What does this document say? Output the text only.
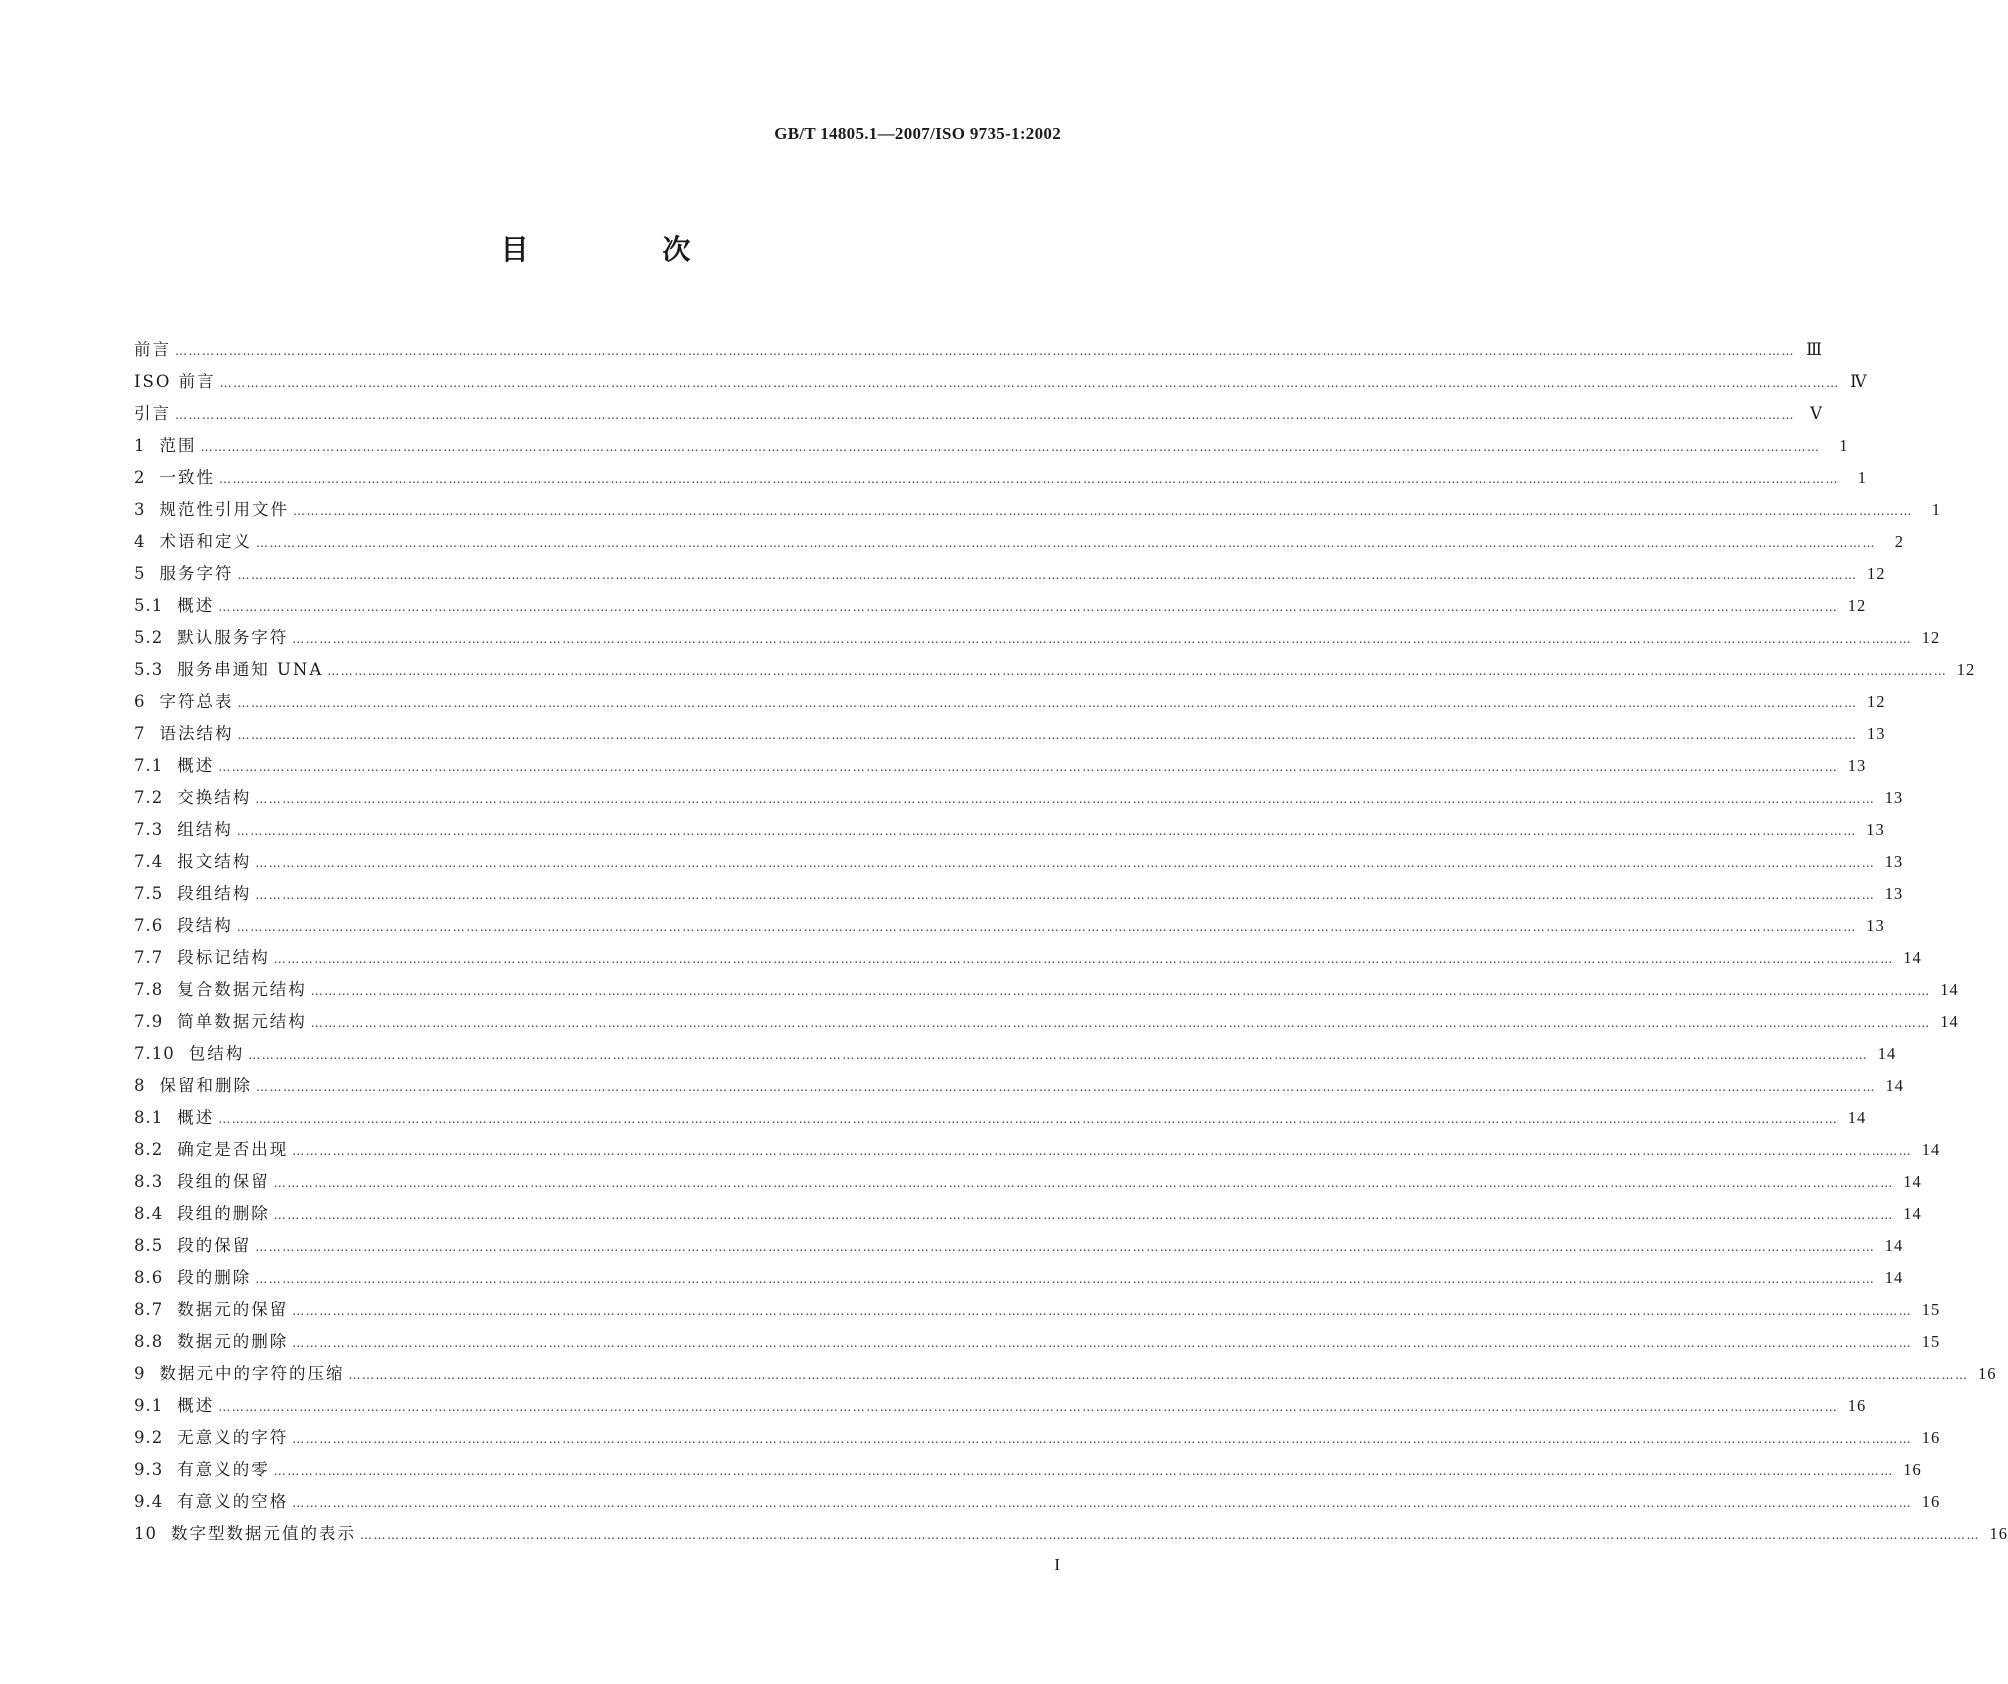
GB/T 14805.1—2007/ISO 9735-1:2002
目 次
前言 ……………………………………………………………………………………………………………………………………………………………………………………………………………………………………………………………………………………………………………………………… Ⅲ
ISO 前言 ……………………………………………………………………………………………………………………………………………………………………………………………………………………………………………………………………………………………………………………………… Ⅳ
引言 ……………………………………………………………………………………………………………………………………………………………………………………………………………………………………………………………………………………………………………………………… Ⅴ
1 范围 ………………………………………………………………………………………………………………………………………………………………………………………………………………………………………………………………………………………………………………………………	1
2 一致性 ………………………………………………………………………………………………………………………………………………………………………………………………………………………………………………………………………………………………………………………………	1
3 规范性引用文件 ………………………………………………………………………………………………………………………………………………………………………………………………………………………………………………………………………………………………………………………………	1
4 术语和定义 ………………………………………………………………………………………………………………………………………………………………………………………………………………………………………………………………………………………………………………………………	2
5 服务字符 ……………………………………………………………………………………………………………………………………………………………………………………………………………………………………………………………………………………………………………………………… 12
5.1 概述 ……………………………………………………………………………………………………………………………………………………………………………………………………………………………………………………………………………………………………………………………… 12
5.2 默认服务字符 ……………………………………………………………………………………………………………………………………………………………………………………………………………………………………………………………………………………………………………………………… 12
5.3 服务串通知 UNA ……………………………………………………………………………………………………………………………………………………………………………………………………………………………………………………………………………………………………………………………… 12
6 字符总表 ……………………………………………………………………………………………………………………………………………………………………………………………………………………………………………………………………………………………………………………………… 12
7 语法结构 ……………………………………………………………………………………………………………………………………………………………………………………………………………………………………………………………………………………………………………………………… 13
7.1 概述 ……………………………………………………………………………………………………………………………………………………………………………………………………………………………………………………………………………………………………………………………… 13
7.2 交换结构 ……………………………………………………………………………………………………………………………………………………………………………………………………………………………………………………………………………………………………………………………… 13
7.3 组结构 ……………………………………………………………………………………………………………………………………………………………………………………………………………………………………………………………………………………………………………………………… 13
7.4 报文结构 ……………………………………………………………………………………………………………………………………………………………………………………………………………………………………………………………………………………………………………………………… 13
7.5 段组结构 ……………………………………………………………………………………………………………………………………………………………………………………………………………………………………………………………………………………………………………………………… 13
7.6 段结构 ……………………………………………………………………………………………………………………………………………………………………………………………………………………………………………………………………………………………………………………………… 13
7.7 段标记结构 ……………………………………………………………………………………………………………………………………………………………………………………………………………………………………………………………………………………………………………………………… 14
7.8 复合数据元结构 ……………………………………………………………………………………………………………………………………………………………………………………………………………………………………………………………………………………………………………………………… 14
7.9 简单数据元结构 ……………………………………………………………………………………………………………………………………………………………………………………………………………………………………………………………………………………………………………………………… 14
7.10 包结构 ……………………………………………………………………………………………………………………………………………………………………………………………………………………………………………………………………………………………………………………………… 14
8 保留和删除 ……………………………………………………………………………………………………………………………………………………………………………………………………………………………………………………………………………………………………………………………… 14
8.1 概述 ……………………………………………………………………………………………………………………………………………………………………………………………………………………………………………………………………………………………………………………………… 14
8.2 确定是否出现 ……………………………………………………………………………………………………………………………………………………………………………………………………………………………………………………………………………………………………………………………… 14
8.3 段组的保留 ……………………………………………………………………………………………………………………………………………………………………………………………………………………………………………………………………………………………………………………………… 14
8.4 段组的删除 ……………………………………………………………………………………………………………………………………………………………………………………………………………………………………………………………………………………………………………………………… 14
8.5 段的保留 ……………………………………………………………………………………………………………………………………………………………………………………………………………………………………………………………………………………………………………………………… 14
8.6 段的删除 ……………………………………………………………………………………………………………………………………………………………………………………………………………………………………………………………………………………………………………………………… 14
8.7 数据元的保留 ……………………………………………………………………………………………………………………………………………………………………………………………………………………………………………………………………………………………………………………………… 15
8.8 数据元的删除 ……………………………………………………………………………………………………………………………………………………………………………………………………………………………………………………………………………………………………………………………… 15
9 数据元中的字符的压缩 ……………………………………………………………………………………………………………………………………………………………………………………………………………………………………………………………………………………………………………………………… 16
9.1 概述 ……………………………………………………………………………………………………………………………………………………………………………………………………………………………………………………………………………………………………………………………… 16
9.2 无意义的字符 ……………………………………………………………………………………………………………………………………………………………………………………………………………………………………………………………………………………………………………………………… 16
9.3 有意义的零 ……………………………………………………………………………………………………………………………………………………………………………………………………………………………………………………………………………………………………………………………… 16
9.4 有意义的空格 ……………………………………………………………………………………………………………………………………………………………………………………………………………………………………………………………………………………………………………………………… 16
10 数字型数据元值的表示 ……………………………………………………………………………………………………………………………………………………………………………………………………………………………………………………………………………………………………………………………… 16
I
